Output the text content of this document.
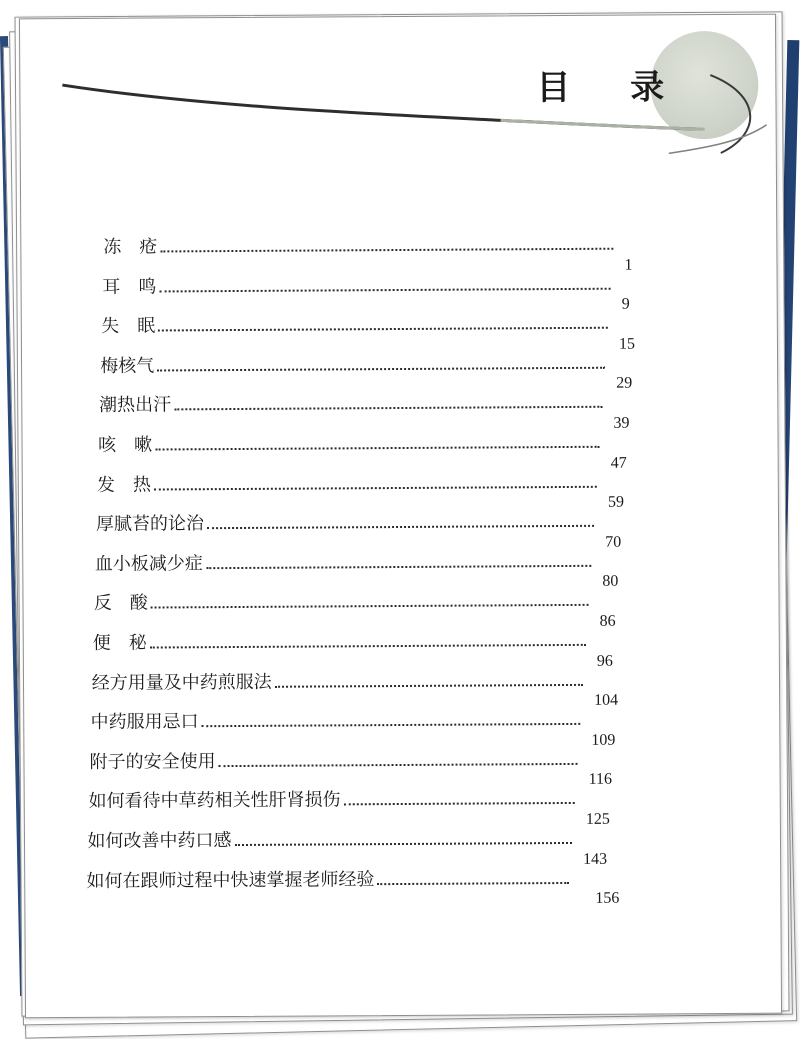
目 录
冻　疮
耳　鸣
1
失　眠
9
梅核气
15
潮热出汗
29
咳　嗽
39
发　热
47
厚腻苔的论治
59
血小板减少症
70
反　酸
80
便　秘
86
经方用量及中药煎服法
96
中药服用忌口
104
附子的安全使用
109
如何看待中草药相关性肝肾损伤
116
如何改善中药口感
125
如何在跟师过程中快速掌握老师经验
143
156
